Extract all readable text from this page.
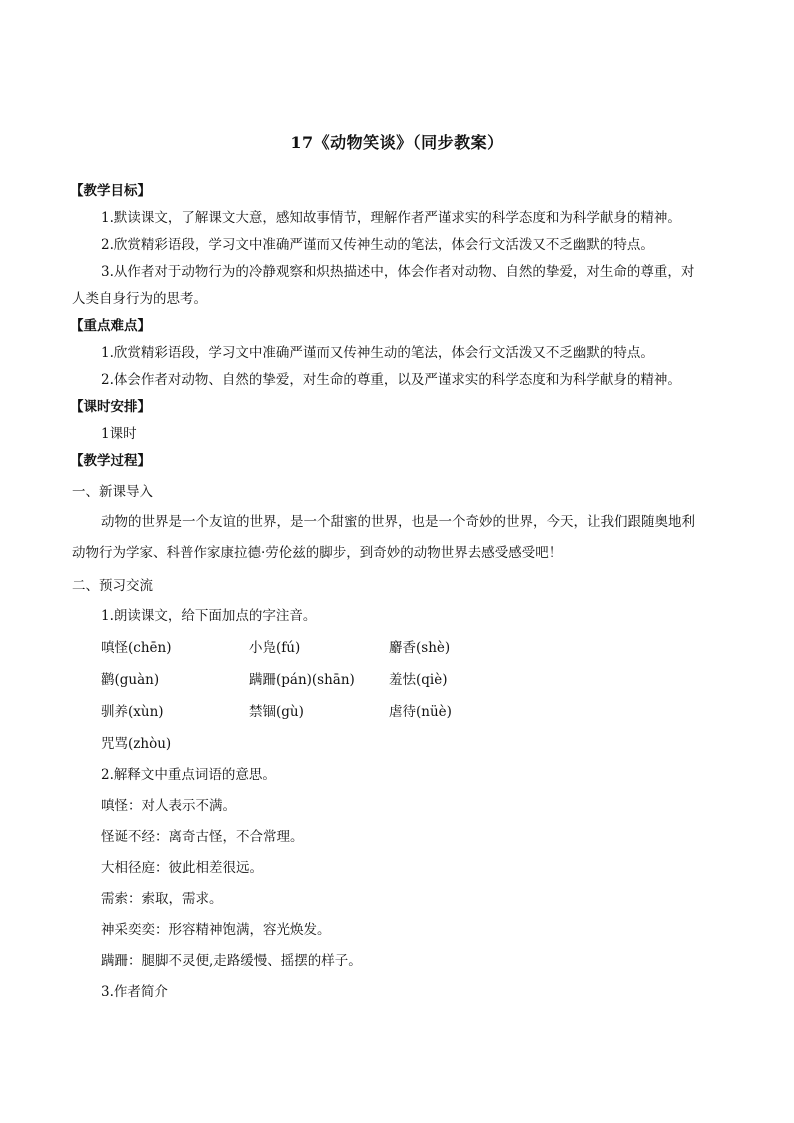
17《动物笑谈》（同步教案）

【教学目标】

1.默读课文，了解课文大意，感知故事情节，理解作者严谨求实的科学态度和为科学献身的精神。

2.欣赏精彩语段，学习文中准确严谨而又传神生动的笔法，体会行文活泼又不乏幽默的特点。

3.从作者对于动物行为的冷静观察和炽热描述中，体会作者对动物、自然的挚爱，对生命的尊重，对

人类自身行为的思考。

【重点难点】

1.欣赏精彩语段，学习文中准确严谨而又传神生动的笔法，体会行文活泼又不乏幽默的特点。

2.体会作者对动物、自然的挚爱，对生命的尊重，以及严谨求实的科学态度和为科学献身的精神。

【课时安排】

1课时

【教学过程】

一、新课导入

动物的世界是一个友谊的世界，是一个甜蜜的世界，也是一个奇妙的世界，今天，让我们跟随奥地利

动物行为学家、科普作家康拉德·劳伦兹的脚步，到奇妙的动物世界去感受感受吧！

二、预习交流

1.朗读课文，给下面加点的字注音。

嗔怪(chēn)	小凫(fú)	麝香(shè)
鹳(guàn)	蹒跚(pán)(shān)	羞怯(qiè)
驯养(xùn)	禁锢(gù)	虐待(nüè)
咒骂(zhòu)

2.解释文中重点词语的意思。

嗔怪：对人表示不满。

怪诞不经：离奇古怪，不合常理。

大相径庭：彼此相差很远。

需索：索取，需求。

神采奕奕：形容精神饱满，容光焕发。

蹒跚：腿脚不灵便,走路缓慢、摇摆的样子。

3.作者简介
